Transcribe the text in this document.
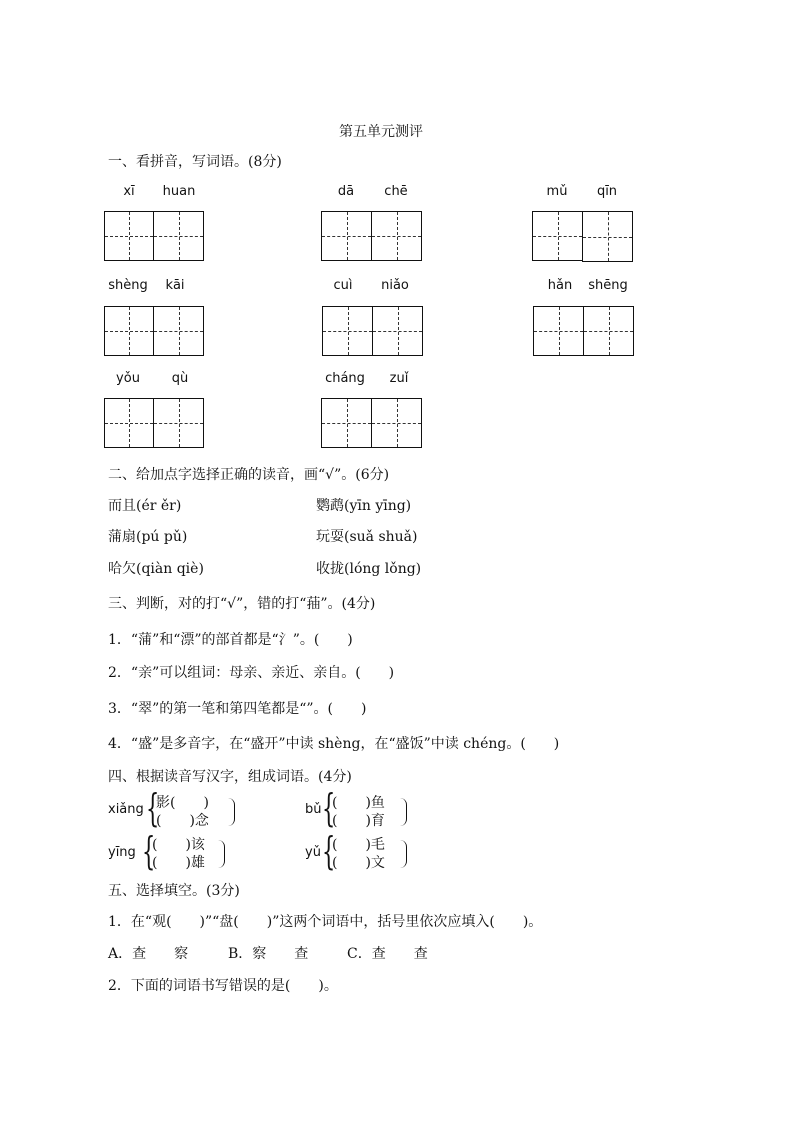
第五单元测评
一、看拼音，写词语。(8分)
xī	huan	dā	chē	mǔ	qīn
shèng	kāi	cuì	niǎo	hǎn	shēng
yǒu	qù	cháng	zuǐ
二、给加点字选择正确的读音，画“√”。(6分)
而且(ér ěr)	鹦鹉(yīn yīng)
蒲扇(pú pǔ)	玩耍(suǎ shuǎ)
哈欠(qiàn qiè)	收拢(lóng lǒng)
三、判断，对的打“√”，错的打“菗”。(4分)
1．“蒲”和“漂”的部首都是“氵”。(　　)
2．“亲”可以组词：母亲、亲近、亲自。(　　)
3．“翠”的第一笔和第四笔都是“”。(　　)
4．“盛”是多音字，在“盛开”中读 shèng，在“盛饭”中读 chéng。(　　)
四、根据读音写汉字，组成词语。(4分)
xiǎng {
影(　　)
(　　)念
bǔ {
(　　)鱼
(　　)育
yīng {
(　　)该
(　　)雄
yǔ {
(　　)毛
(　　)文
五、选择填空。(3分)
1．在“观(　　)”“盘(　　)”这两个词语中，括号里依次应填入(　　)。
A．查　　察	B．察　　查	C．查　　查
2．下面的词语书写错误的是(　　)。
